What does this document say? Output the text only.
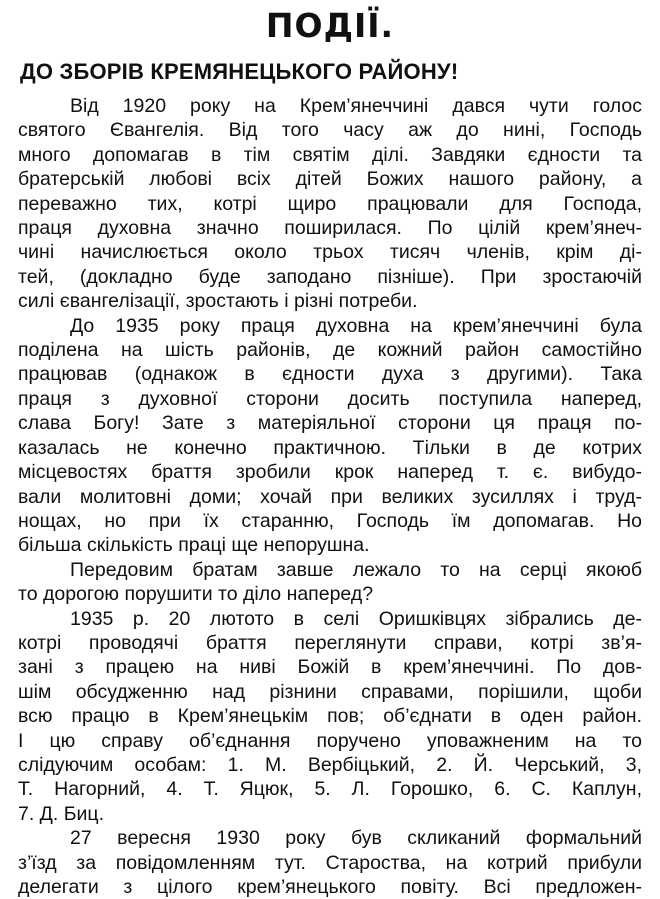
ПОДІЇ.
ДО ЗБОРІВ КРЕМЯНЕЦЬКОГО РАЙОНУ!

Від 1920 року на Крем’янеччині дався чути голос
святого Євангелія. Від того часу аж до нині, Господь
много допомагав в тім святім ділі. Завдяки єдности та
братерській любові всіх дітей Божих нашого району, а
переважно тих, котрі щиро працювали для Господа,
праця духовна значно поширилася. По цілій крем’янеч-
чині начислюється около трьох тисяч членів, крім ді-
тей, (докладно буде заподано пізніше). При зростаючій
силі євангелізації, зростають і різні потреби.

До 1935 року праця духовна на крем’янеччині була
поділена на шість районів, де кожний район самостійно
працював (однакож в єдности духа з другими). Така
праця з духовної сторони досить поступила наперед,
слава Богу! Зате з матеріяльної сторони ця праця по-
казалась не конечно практичною. Тільки в де котрих
місцевостях браття зробили крок наперед т. є. вибудо-
вали молитовні доми; хочай при великих зусиллях і труд-
нощах, но при їх старанню, Господь їм допомагав. Но
більша скількість праці ще непорушна.

Передовим братам завше лежало то на серці якоюб
то дорогою порушити то діло наперед?

1935 р. 20 лютото в селі Оришківцях зібрались де-
котрі проводячі браття переглянути справи, котрі зв’я-
зані з працею на ниві Божій в крем’янеччині. По дов-
шім обсудженню над різнини справами, порішили, щоби
всю працю в Крем’янецькім пов; об’єднати в оден район.
І цю справу об’єднання поручено уповажненим на то
слідуючим особам: 1. М. Вербіцький, 2. Й. Черський, 3,
Т. Нагорний, 4. Т. Яцюк, 5. Л. Горошко, 6. С. Каплун,
7. Д. Биц.

27 вересня 1930 року був скликаний формальний
з’їзд за повідомленням тут. Староства, на котрий прибули
делегати з цілого крем’янецького повіту. Всі предложен-
